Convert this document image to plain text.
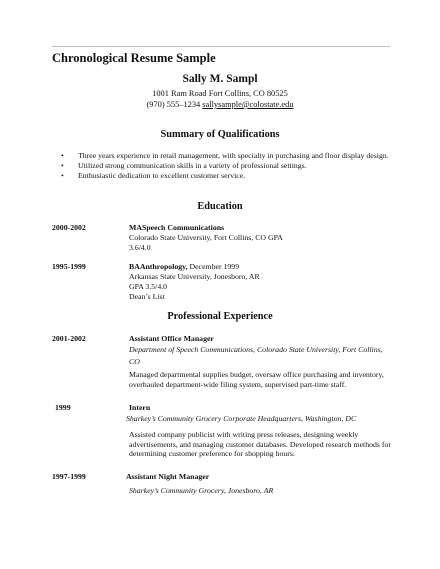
Chronological Resume Sample
Sally M. Sampl
1001 Ram Road Fort Collins, CO 80525
(970) 555–1234 sallysample@colostate.edu
Summary of Qualifications
• Three years experience in retail management, with specialty in purchasing and floor display design.
• Utilized strong communication skills in a variety of professional settings.
• Enthusiastic dedication to excellent customer service.
Education
2000-2002	MASpeech Communications
Colorado State University, Fort Collins, CO GPA
3.6/4.0
1995-1999	BAAnthropology, December 1999
Arkansas State University, Jonesboro, AR
GPA 3.5/4.0
Dean’s List
Professional Experience
2001-2002	Assistant Office Manager
Department of Speech Communications, Colorado State University, Fort Collins,
CO
Managed departmental supplies budget, oversaw office purchasing and inventory, overhauled department-wide filing system, supervised part-time staff.
1999	Intern
Sharkey’s Community Grocery Corporate Headquarters, Washington, DC
Assisted company publicist with writing press releases, designing weekly advertisements, and managing customer databases. Developed research methods for determining customer preference for shopping hours.
1997-1999	Assistant Night Manager
Sharkey’s Community Grocery, Jonesboro, AR
